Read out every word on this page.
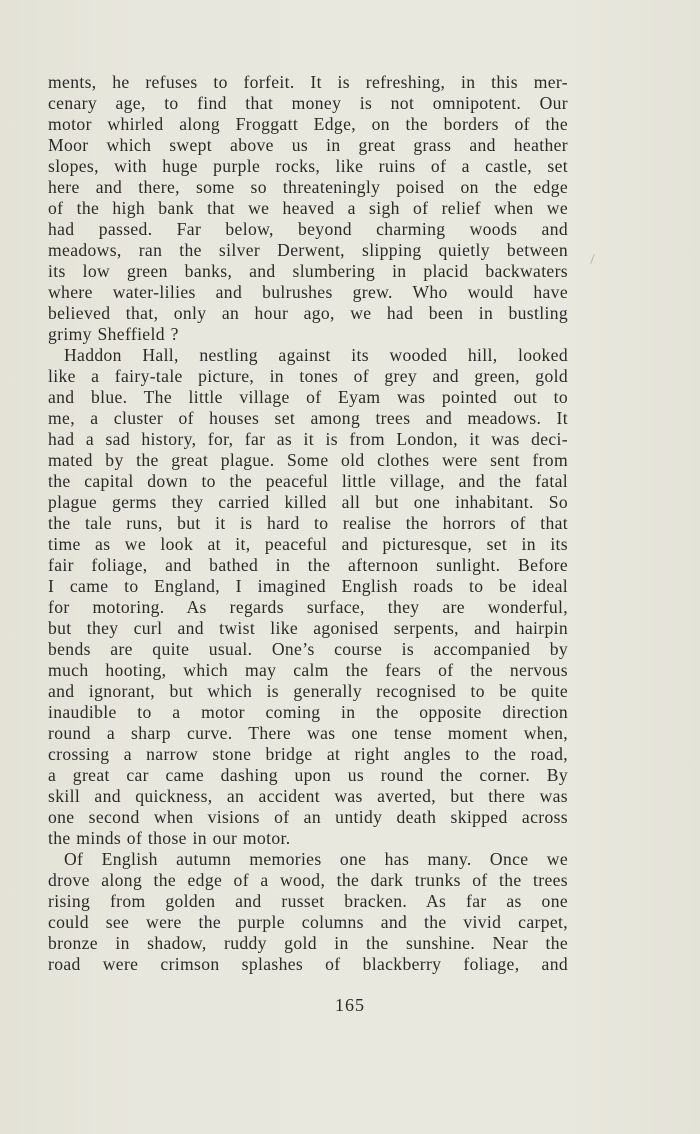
ments, he refuses to forfeit. It is refreshing, in this mer-
cenary age, to find that money is not omnipotent. Our
motor whirled along Froggatt Edge, on the borders of the
Moor which swept above us in great grass and heather
slopes, with huge purple rocks, like ruins of a castle, set
here and there, some so threateningly poised on the edge
of the high bank that we heaved a sigh of relief when we
had passed. Far below, beyond charming woods and
meadows, ran the silver Derwent, slipping quietly between
its low green banks, and slumbering in placid backwaters
where water-lilies and bulrushes grew. Who would have
believed that, only an hour ago, we had been in bustling
grimy Sheffield ?
Haddon Hall, nestling against its wooded hill, looked
like a fairy-tale picture, in tones of grey and green, gold
and blue. The little village of Eyam was pointed out to
me, a cluster of houses set among trees and meadows. It
had a sad history, for, far as it is from London, it was deci-
mated by the great plague. Some old clothes were sent from
the capital down to the peaceful little village, and the fatal
plague germs they carried killed all but one inhabitant. So
the tale runs, but it is hard to realise the horrors of that
time as we look at it, peaceful and picturesque, set in its
fair foliage, and bathed in the afternoon sunlight. Before
I came to England, I imagined English roads to be ideal
for motoring. As regards surface, they are wonderful,
but they curl and twist like agonised serpents, and hairpin
bends are quite usual. One’s course is accompanied by
much hooting, which may calm the fears of the nervous
and ignorant, but which is generally recognised to be quite
inaudible to a motor coming in the opposite direction
round a sharp curve. There was one tense moment when,
crossing a narrow stone bridge at right angles to the road,
a great car came dashing upon us round the corner. By
skill and quickness, an accident was averted, but there was
one second when visions of an untidy death skipped across
the minds of those in our motor.
Of English autumn memories one has many. Once we
drove along the edge of a wood, the dark trunks of the trees
rising from golden and russet bracken. As far as one
could see were the purple columns and the vivid carpet,
bronze in shadow, ruddy gold in the sunshine. Near the
road were crimson splashes of blackberry foliage, and
165
